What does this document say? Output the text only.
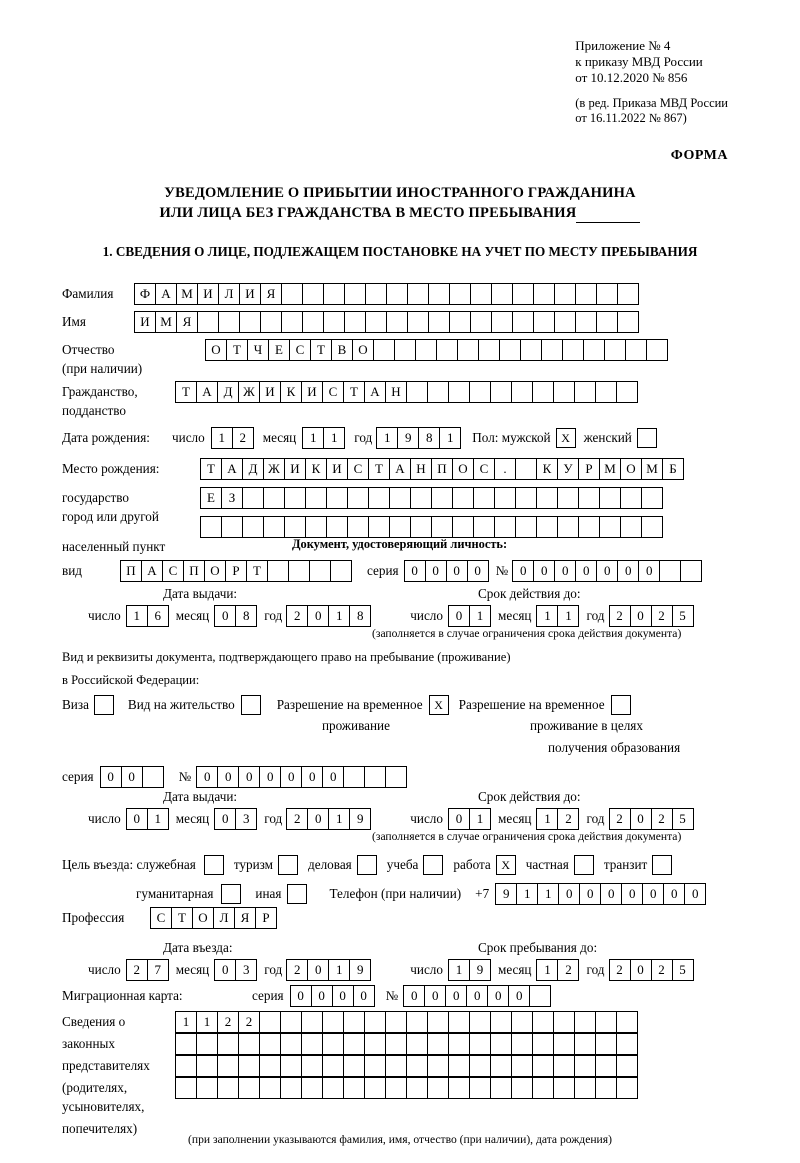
Приложение № 4
к приказу МВД России
от 10.12.2020 № 856
(в ред. Приказа МВД России
от 16.11.2022 № 867)
ФОРМА
УВЕДОМЛЕНИЕ О ПРИБЫТИИ ИНОСТРАННОГО ГРАЖДАНИНА
ИЛИ ЛИЦА БЕЗ ГРАЖДАНСТВА В МЕСТО ПРЕБЫВАНИЯ
1. СВЕДЕНИЯ О ЛИЦЕ, ПОДЛЕЖАЩЕМ ПОСТАНОВКЕ НА УЧЕТ ПО МЕСТУ ПРЕБЫВАНИЯ
Фамилия	Ф А М И Л И Я
Имя	И М Я
Отчество	О Т Ч Е С Т В О
(при наличии)
Гражданство,	Т А Д Ж И К И С Т А Н
подданство
Дата рождения:	число	1	2	месяц	1	1	год 1	9	8	1	Пол: мужской X	женский
Место рождения:	Т А Д Ж И К И С Т А Н П О С	.	К У Р М О М Б
государство	Е	З
город или другой
населенный пункт	Документ, удостоверяющий личность:
вид	П А С П О Р	Т	серия 0	0	0	0	№ 0	0	0	0	0	0	0
Дата выдачи:	Срок действия до:
число 1	6	месяц 0	8	год 2	0	1	8	число 0	1	месяц 1	1	год 2	0	2	5
(заполняется в случае ограничения срока действия документа)
Вид и реквизиты документа, подтверждающего право на пребывание (проживание)
в Российской Федерации:
Виза	Вид на жительство	Разрешение на временное X	Разрешение на временное
проживание	проживание в целях
получения образования
серия	0	0	№ 0	0	0	0	0	0	0
Дата выдачи:	Срок действия до:
число 0	1	месяц 0	3	год 2	0	1	9	число 0	1	месяц 1	2	год 2	0	2	5
(заполняется в случае ограничения срока действия документа)
Цель въезда: служебная	туризм	деловая	учеба	работа X	частная	транзит
гуманитарная	иная	Телефон (при наличии) +7	9	1	1	0	0	0	0	0	0	0
Профессия	С Т О Л Я	Р
Дата въезда:	Срок пребывания до:
число 2	7	месяц 0	3	год 2	0	1	9	число 1	9	месяц 1	2	год 2	0	2	5
Миграционная карта:	серия	0	0	0	0	№ 0	0	0	0	0	0
Сведения о	1	1	2	2
законных
представителях
(родителях,
усыновителях,
попечителях)
(при заполнении указываются фамилия, имя, отчество (при наличии), дата рождения)
